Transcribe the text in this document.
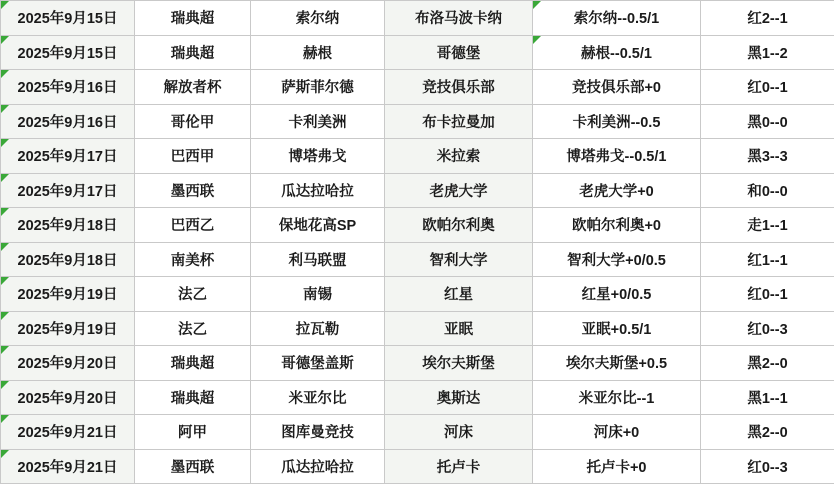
2025年9月15日	瑞典超	索尔纳	布洛马波卡纳	索尔纳--0.5/1	红2--1
2025年9月15日	瑞典超	赫根	哥德堡	赫根--0.5/1	黑1--2
2025年9月16日	解放者杯	萨斯菲尔德	竞技俱乐部	竞技俱乐部+0	红0--1
2025年9月16日	哥伦甲	卡利美洲	布卡拉曼加	卡利美洲--0.5	黑0--0
2025年9月17日	巴西甲	博塔弗戈	米拉索	博塔弗戈--0.5/1	黑3--3
2025年9月17日	墨西联	瓜达拉哈拉	老虎大学	老虎大学+0	和0--0
2025年9月18日	巴西乙	保地花高SP	欧帕尔利奥	欧帕尔利奥+0	走1--1
2025年9月18日	南美杯	利马联盟	智利大学	智利大学+0/0.5	红1--1
2025年9月19日	法乙	南锡	红星	红星+0/0.5	红0--1
2025年9月19日	法乙	拉瓦勒	亚眠	亚眠+0.5/1	红0--3
2025年9月20日	瑞典超	哥德堡盖斯	埃尔夫斯堡	埃尔夫斯堡+0.5	黑2--0
2025年9月20日	瑞典超	米亚尔比	奥斯达	米亚尔比--1	黑1--1
2025年9月21日	阿甲	图库曼竞技	河床	河床+0	黑2--0
2025年9月21日	墨西联	瓜达拉哈拉	托卢卡	托卢卡+0	红0--3
